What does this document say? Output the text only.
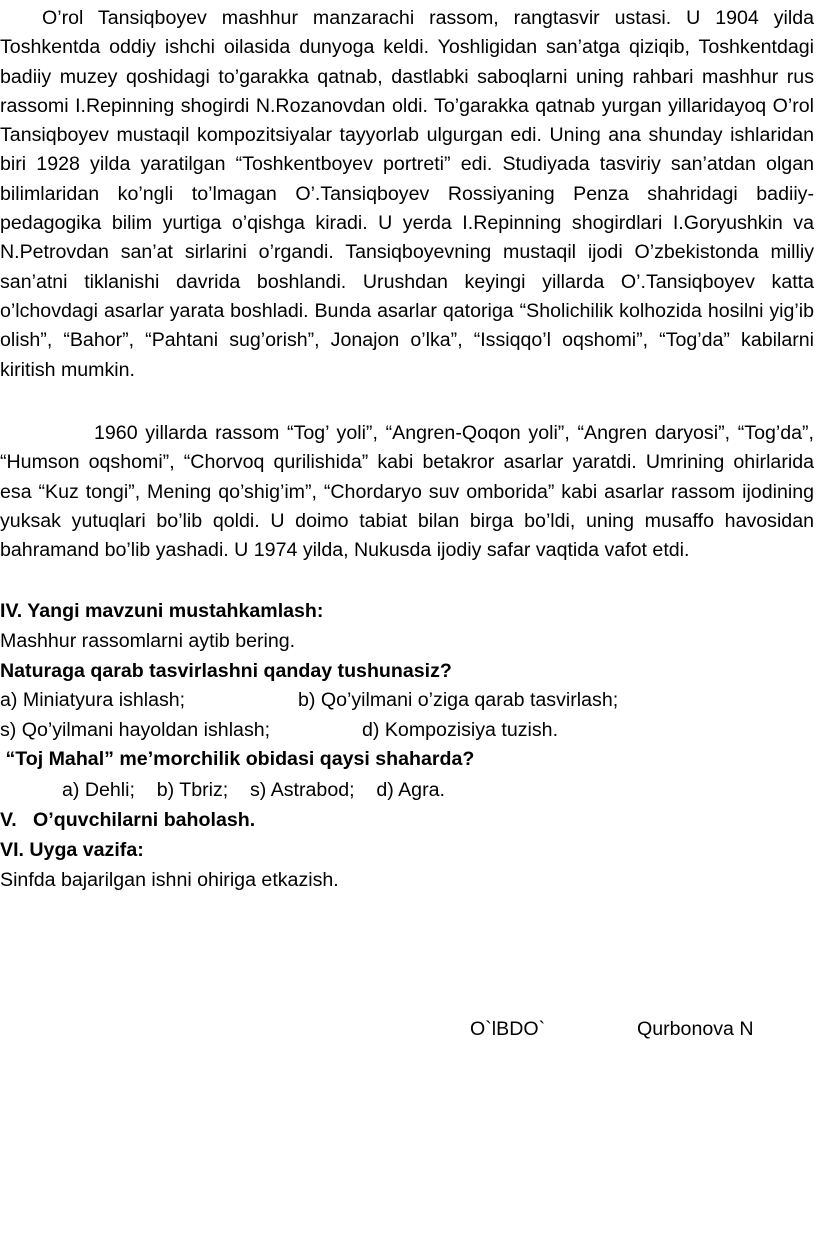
O’rol Tansiqboyev mashhur manzarachi rassom, rangtasvir ustasi. U 1904 yilda Toshkentda oddiy ishchi oilasida dunyoga keldi. Yoshligidan san’atga qiziqib, Toshkentdagi badiiy muzey qoshidagi to’garakka qatnab, dastlabki saboqlarni uning rahbari mashhur rus rassomi I.Repinning shogirdi N.Rozanovdan oldi. To’garakka qatnab yurgan yillaridayoq O’rol Tansiqboyev mustaqil kompozitsiyalar tayyorlab ulgurgan edi. Uning ana shunday ishlaridan biri 1928 yilda yaratilgan “Toshkentboyev portreti” edi. Studiyada tasviriy san’atdan olgan bilimlaridan ko’ngli to’lmagan O’.Tansiqboyev Rossiyaning Penza shahridagi badiiy-pedagogika bilim yurtiga o’qishga kiradi. U yerda I.Repinning shogirdlari I.Goryushkin va N.Petrovdan san’at sirlarini o’rgandi. Tansiqboyevning mustaqil ijodi O’zbekistonda milliy san’atni tiklanishi davrida boshlandi. Urushdan keyingi yillarda O’.Tansiqboyev katta o’lchovdagi asarlar yarata boshladi. Bunda asarlar qatoriga “Sholichilik kolhozida hosilni yig’ib olish”, “Bahor”, “Pahtani sug’orish”, Jonajon o’lka”, “Issiqqo’l oqshomi”, “Tog’da” kabilarni kiritish mumkin.

1960 yillarda rassom “Tog’ yoli”, “Angren-Qoqon yoli”, “Angren daryosi”, “Tog’da”, “Humson oqshomi”, “Chorvoq qurilishida” kabi betakror asarlar yaratdi. Umrining ohirlarida esa “Kuz tongi”, Mening qo’shig’im”, “Chordaryo suv omborida” kabi asarlar rassom ijodining yuksak yutuqlari bo’lib qoldi. U doimo tabiat bilan birga bo’ldi, uning musaffo havosidan bahramand bo’lib yashadi. U 1974 yilda, Nukusda ijodiy safar vaqtida vafot etdi.

IV. Yangi mavzuni mustahkamlash:
Mashhur rassomlarni aytib bering.
Naturaga qarab tasvirlashni qanday tushunasiz?
a) Miniatyura ishlash;	b) Qo’yilmani o’ziga qarab tasvirlash;
s) Qo’yilmani hayoldan ishlash;	d) Kompozisiya tuzish.
“Toj Mahal” me’morchilik obidasi qaysi shaharda?
a) Dehli;    b) Tbriz;    s) Astrabod;    d) Agra.
V.   O’quvchilarni baholash.
VI. Uyga vazifa:
Sinfda bajarilgan ishni ohiriga etkazish.
O`lBDO`	Qurbonova N
